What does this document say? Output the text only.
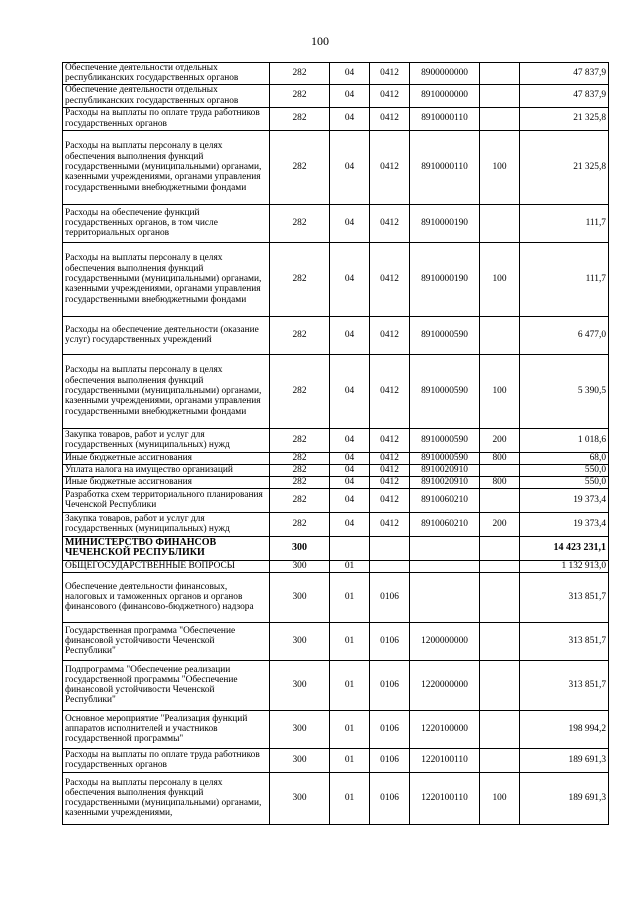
100
Обеспечение деятельности отдельных республиканских государственных органов	282	04	0412	8900000000		47 837,9
Обеспечение деятельности отдельных республиканских государственных органов	282	04	0412	8910000000		47 837,9
Расходы на выплаты по оплате труда работников государственных органов	282	04	0412	8910000110		21 325,8
Расходы на выплаты персоналу в целях обеспечения выполнения функций государственными (муниципальными) органами, казенными учреждениями, органами управления государственными внебюджетными фондами	282	04	0412	8910000110	100	21 325,8
Расходы на обеспечение функций государственных органов, в том числе территориальных органов	282	04	0412	8910000190		111,7
Расходы на выплаты персоналу в целях обеспечения выполнения функций государственными (муниципальными) органами, казенными учреждениями, органами управления государственными внебюджетными фондами	282	04	0412	8910000190	100	111,7
Расходы на обеспечение деятельности (оказание услуг) государственных учреждений	282	04	0412	8910000590		6 477,0
Расходы на выплаты персоналу в целях обеспечения выполнения функций государственными (муниципальными) органами, казенными учреждениями, органами управления государственными внебюджетными фондами	282	04	0412	8910000590	100	5 390,5
Закупка товаров, работ и услуг для государственных (муниципальных) нужд	282	04	0412	8910000590	200	1 018,6
Иные бюджетные ассигнования	282	04	0412	8910000590	800	68,0
Уплата налога на имущество организаций	282	04	0412	8910020910		550,0
Иные бюджетные ассигнования	282	04	0412	8910020910	800	550,0
Разработка схем территориального планирования Чеченской Республики	282	04	0412	8910060210		19 373,4
Закупка товаров, работ и услуг для государственных (муниципальных) нужд	282	04	0412	8910060210	200	19 373,4
МИНИСТЕРСТВО ФИНАНСОВ ЧЕЧЕНСКОЙ РЕСПУБЛИКИ	300					14 423 231,1
ОБЩЕГОСУДАРСТВЕННЫЕ ВОПРОСЫ	300	01				1 132 913,0
Обеспечение деятельности финансовых, налоговых и таможенных органов и органов финансового (финансово-бюджетного) надзора	300	01	0106			313 851,7
Государственная программа "Обеспечение финансовой устойчивости Чеченской Республики"	300	01	0106	1200000000		313 851,7
Подпрограмма "Обеспечение реализации государственной программы "Обеспечение финансовой устойчивости Чеченской Республики"	300	01	0106	1220000000		313 851,7
Основное мероприятие "Реализация функций аппаратов исполнителей и участников государственной программы"	300	01	0106	1220100000		198 994,2
Расходы на выплаты по оплате труда работников государственных органов	300	01	0106	1220100110		189 691,3
Расходы на выплаты персоналу в целях обеспечения выполнения функций государственными (муниципальными) органами, казенными учреждениями,	300	01	0106	1220100110	100	189 691,3
